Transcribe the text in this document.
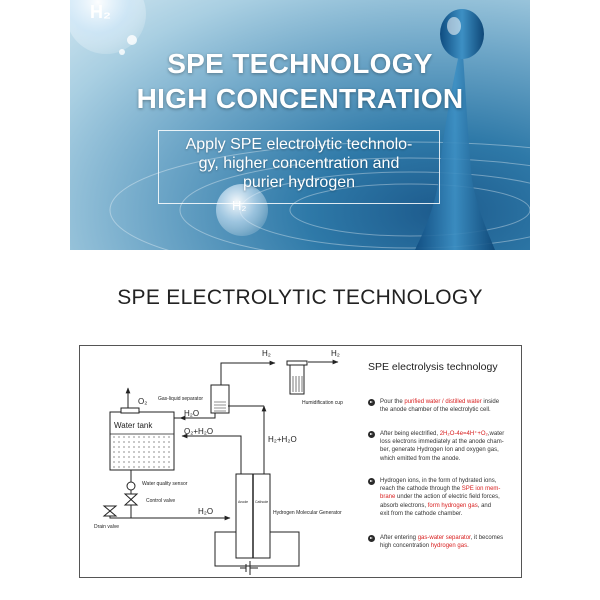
H₂
H₂
SPE TECHNOLOGY
HIGH CONCENTRATION
Apply SPE electrolytic technolo-
gy, higher concentration and
purier hydrogen
SPE ELECTROLYTIC TECHNOLOGY
H₂	H₂
Humidification cup
Gas-liquid separator
O₂
H₂O
Water tank
O₂+H₂O
H₂+H₂O
Water quality sensor
Control valve
Drain valve
H₂O
Anode Cathode
Hydrogen Molecular Generator
SPE electrolysis technology
Pour the purified water / distilled water inside
the anode chamber of the electrolytic cell.
After being electrified, 2H₂O-4e=4H⁺+O₂,water
loss electrons immediately at the anode cham-
ber, generate Hydrogen Ion and oxygen gas,
which emitted from the anode.
Hydrogen ions, in the form of hydrated ions,
reach the cathode through the SPE ion mem-
brane under the action of electric field forces,
absorb electrons, form hydrogen gas, and
exit from the cathode chamber.
After entering gas-water separator, it becomes
high concentration hydrogen gas.
